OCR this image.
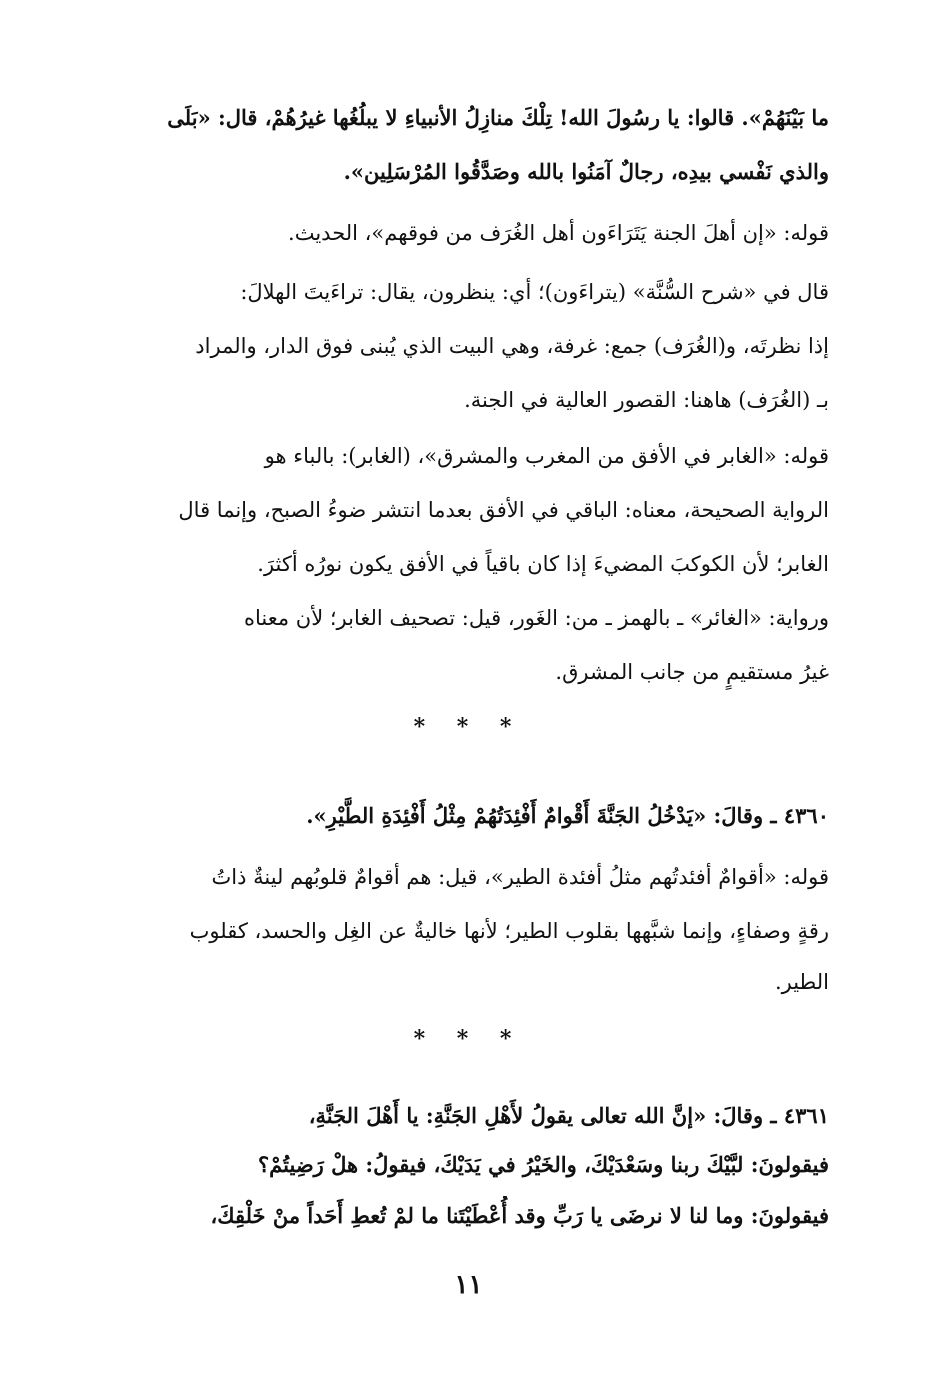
ما بَيْنَهُمْ». قالوا: يا رسُولَ الله! تِلْكَ منازِلُ الأنبياءِ لا يبلُغُها غيرُهُمْ، قال: «بَلَى
والذي نَفْسي بيدِه، رجالٌ آمَنُوا بالله وصَدَّقُوا المُرْسَلِين».
قوله: «إن أهلَ الجنة يَتَرَاءَون أهل الغُرَف من فوقهم»، الحديث.
قال في «شرح السُّنَّة» (يتراءَون)؛ أي: ينظرون، يقال: تراءَيتَ الهلالَ:
إذا نظرتَه، و(الغُرَف) جمع: غرفة، وهي البيت الذي يُبنى فوق الدار، والمراد
بـ (الغُرَف) هاهنا: القصور العالية في الجنة.
قوله: «الغابر في الأفق من المغرب والمشرق»، (الغابر): بالباء هو
الرواية الصحيحة، معناه: الباقي في الأفق بعدما انتشر ضوءُ الصبح، وإنما قال
الغابر؛ لأن الكوكبَ المضيءَ إذا كان باقياً في الأفق يكون نورُه أكثرَ.
ورواية: «الغائر» ـ بالهمز ـ من: الغَور، قيل: تصحيف الغابر؛ لأن معناه
غيرُ مستقيمٍ من جانب المشرق.
* * *
٤٣٦٠ ـ وقالَ: «يَدْخُلُ الجَنَّةَ أَقْوامٌ أَفْئِدَتُهُمْ مِثْلُ أَفْئِدَةِ الطَّيْرِ».
قوله: «أقوامٌ أفئدتُهم مثلُ أفئدة الطير»، قيل: هم أقوامٌ قلوبُهم لينةٌ ذاتُ
رقةٍ وصفاءٍ، وإنما شبَّهها بقلوب الطير؛ لأنها خاليةٌ عن الغِل والحسد، كقلوب
الطير.
* * *
٤٣٦١ ـ وقالَ: «إنَّ الله تعالى يقولُ لأَهْلِ الجَنَّةِ: يا أَهْلَ الجَنَّةِ،
فيقولونَ: لبَّيْكَ ربنا وسَعْدَيْكَ، والخَيْرُ في يَدَيْكَ، فيقولُ: هلْ رَضِيتُمْ؟
فيقولونَ: وما لنا لا نرضَى يا رَبِّ وقد أُعْطَيْتَنا ما لمْ تُعطِ أَحَداً منْ خَلْقِكَ،
١١
